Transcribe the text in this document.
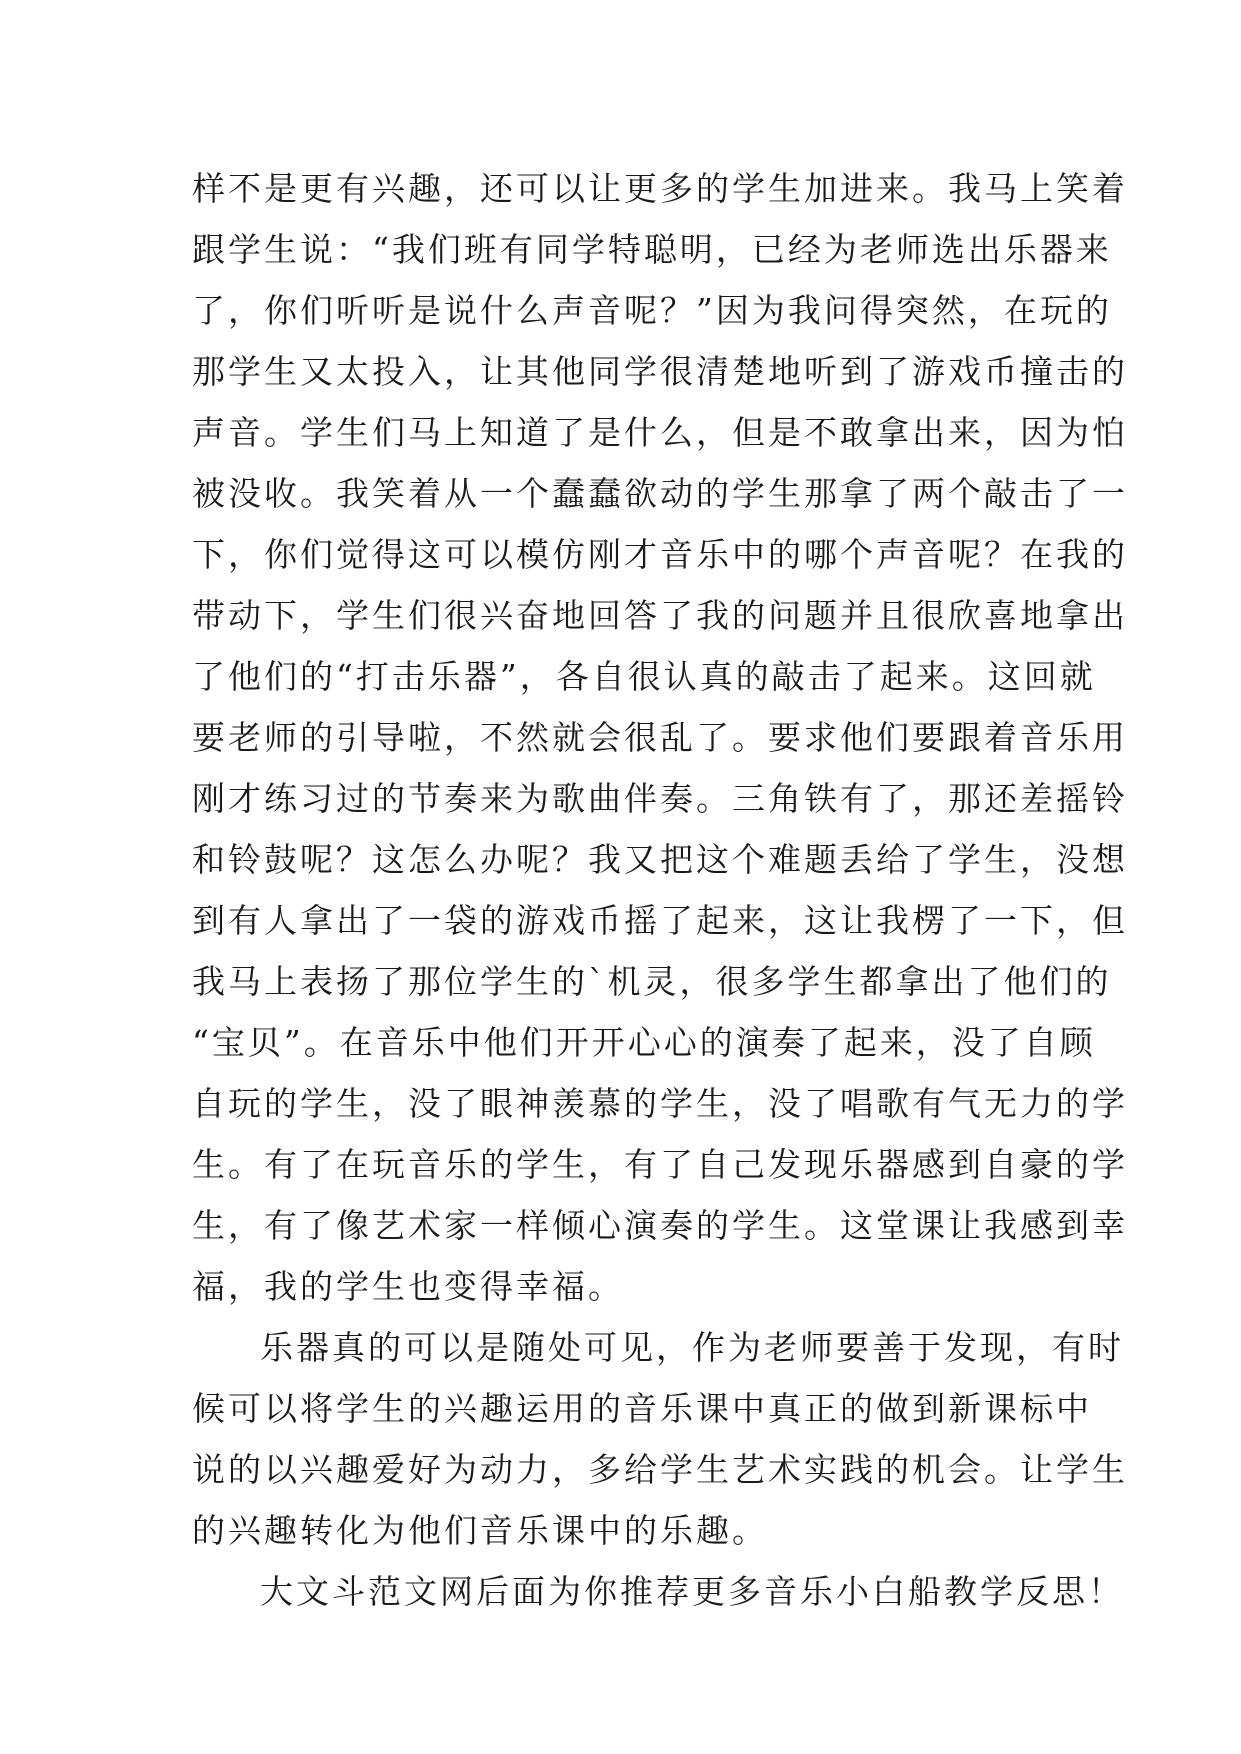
样不是更有兴趣，还可以让更多的学生加进来。我马上笑着
跟学生说：“我们班有同学特聪明，已经为老师选出乐器来
了，你们听听是说什么声音呢？”因为我问得突然，在玩的
那学生又太投入，让其他同学很清楚地听到了游戏币撞击的
声音。学生们马上知道了是什么，但是不敢拿出来，因为怕
被没收。我笑着从一个蠢蠢欲动的学生那拿了两个敲击了一
下，你们觉得这可以模仿刚才音乐中的哪个声音呢？在我的
带动下，学生们很兴奋地回答了我的问题并且很欣喜地拿出
了他们的“打击乐器”，各自很认真的敲击了起来。这回就
要老师的引导啦，不然就会很乱了。要求他们要跟着音乐用
刚才练习过的节奏来为歌曲伴奏。三角铁有了，那还差摇铃
和铃鼓呢？这怎么办呢？我又把这个难题丢给了学生，没想
到有人拿出了一袋的游戏币摇了起来，这让我楞了一下，但
我马上表扬了那位学生的`机灵，很多学生都拿出了他们的
“宝贝”。在音乐中他们开开心心的演奏了起来，没了自顾
自玩的学生，没了眼神羡慕的学生，没了唱歌有气无力的学
生。有了在玩音乐的学生，有了自己发现乐器感到自豪的学
生，有了像艺术家一样倾心演奏的学生。这堂课让我感到幸
福，我的学生也变得幸福。
乐器真的可以是随处可见，作为老师要善于发现，有时
候可以将学生的兴趣运用的音乐课中真正的做到新课标中
说的以兴趣爱好为动力，多给学生艺术实践的机会。让学生
的兴趣转化为他们音乐课中的乐趣。
大文斗范文网后面为你推荐更多音乐小白船教学反思！
